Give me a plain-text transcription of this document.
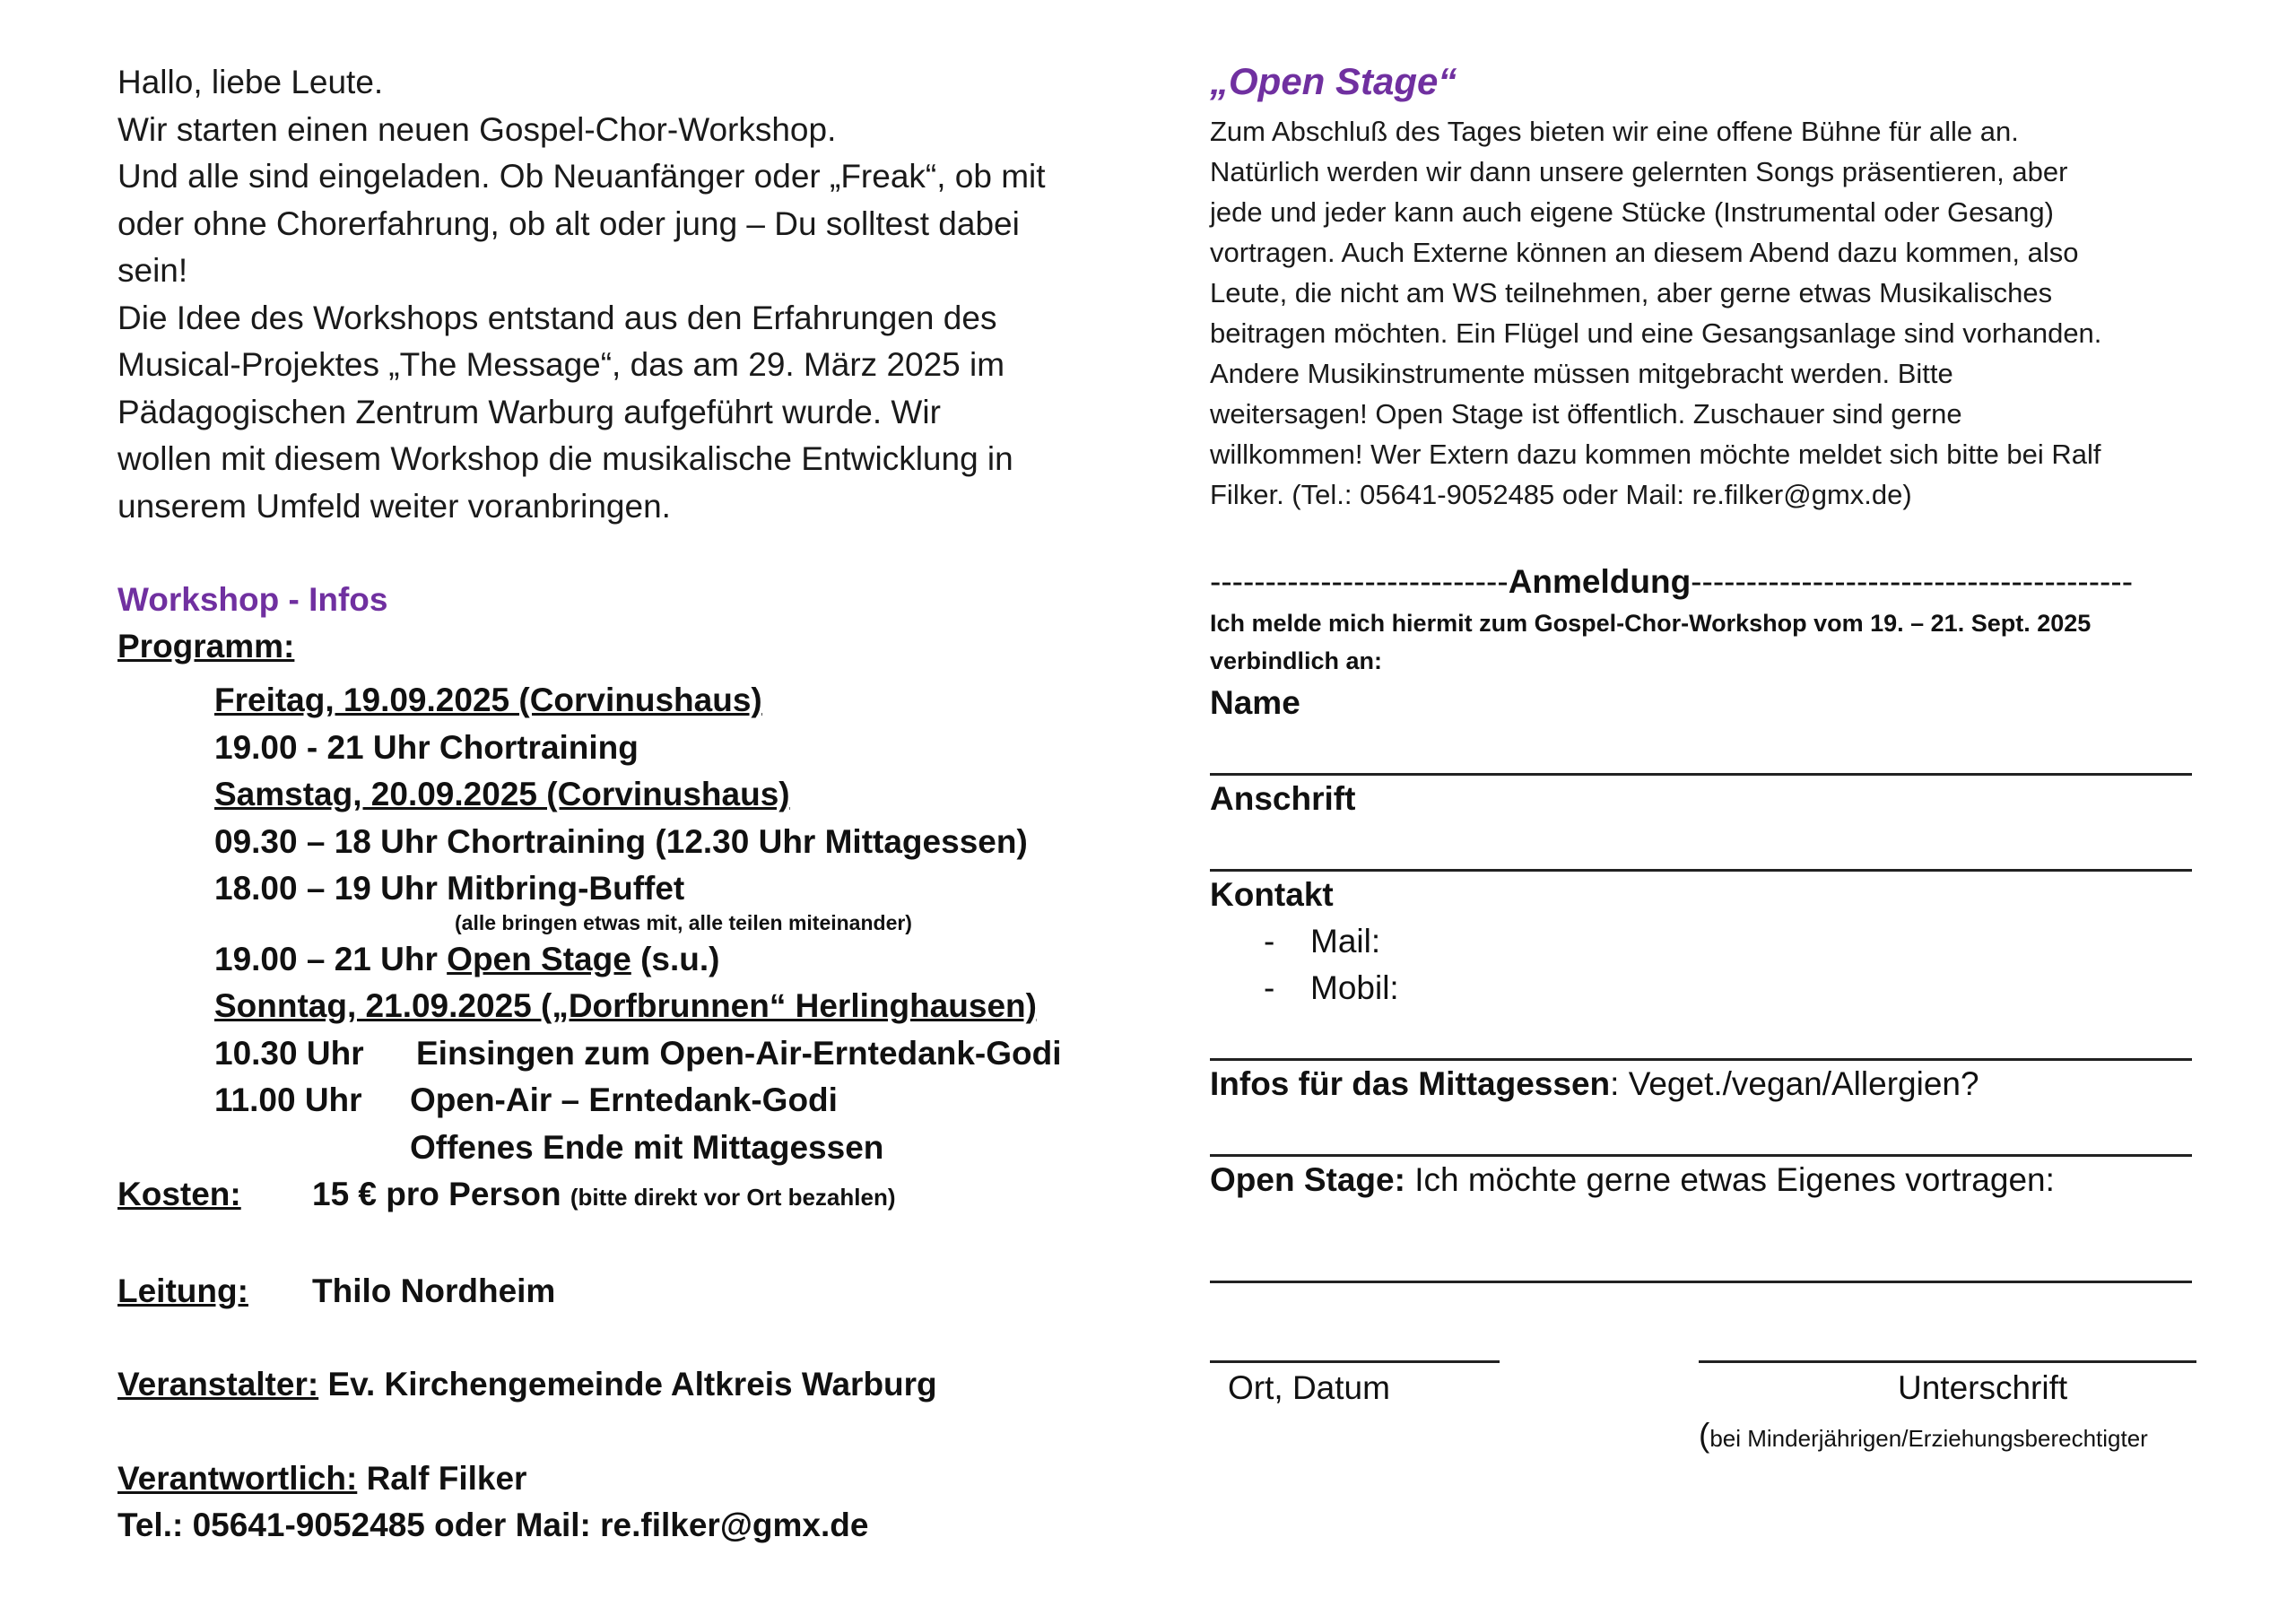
Hallo, liebe Leute.

Wir starten einen neuen Gospel-Chor-Workshop.

Und alle sind eingeladen. Ob Neuanfänger oder „Freak“, ob mit

oder ohne Chorerfahrung, ob alt oder jung – Du solltest dabei

sein!

Die Idee des Workshops entstand aus den Erfahrungen des

Musical-Projektes „The Message“, das am 29. März 2025 im

Pädagogischen Zentrum Warburg aufgeführt wurde. Wir

wollen mit diesem Workshop die musikalische Entwicklung in

unserem Umfeld weiter voranbringen.

Workshop - Infos
Programm:
Freitag, 19.09.2025 (Corvinushaus)
19.00 - 21 Uhr Chortraining
Samstag, 20.09.2025 (Corvinushaus)
09.30 – 18 Uhr Chortraining (12.30 Uhr Mittagessen)
18.00 – 19 Uhr Mitbring-Buffet
(alle bringen etwas mit, alle teilen miteinander)
19.00 – 21 Uhr Open Stage (s.u.)
Sonntag, 21.09.2025 („Dorfbrunnen“ Herlinghausen)
10.30 Uhr Einsingen zum Open-Air-Erntedank-Godi
11.00 Uhr Open-Air – Erntedank-Godi
Offenes Ende mit Mittagessen
Kosten:	15 € pro Person (bitte direkt vor Ort bezahlen)
Leitung:	Thilo Nordheim
Veranstalter: Ev. Kirchengemeinde Altkreis Warburg
Verantwortlich: Ralf Filker
Tel.: 05641-9052485 oder Mail: re.filker@gmx.de
„Open Stage“
Zum Abschluß des Tages bieten wir eine offene Bühne für alle an.
Natürlich werden wir dann unsere gelernten Songs präsentieren, aber
jede und jeder kann auch eigene Stücke (Instrumental oder Gesang)
vortragen. Auch Externe können an diesem Abend dazu kommen, also
Leute, die nicht am WS teilnehmen, aber gerne etwas Musikalisches
beitragen möchten. Ein Flügel und eine Gesangsanlage sind vorhanden.
Andere Musikinstrumente müssen mitgebracht werden. Bitte
weitersagen! Open Stage ist öffentlich. Zuschauer sind gerne
willkommen! Wer Extern dazu kommen möchte meldet sich bitte bei Ralf
Filker. (Tel.: 05641-9052485 oder Mail: re.filker@gmx.de)
---------------------------Anmeldung----------------------------------------
Ich melde mich hiermit zum Gospel-Chor-Workshop vom 19. – 21. Sept. 2025
verbindlich an:
Name
Anschrift
Kontakt
-	Mail:
-	Mobil:
Infos für das Mittagessen: Veget./vegan/Allergien?
Open Stage: Ich möchte gerne etwas Eigenes vortragen:
Ort, Datum	Unterschrift
(bei Minderjährigen/Erziehungsberechtigter
